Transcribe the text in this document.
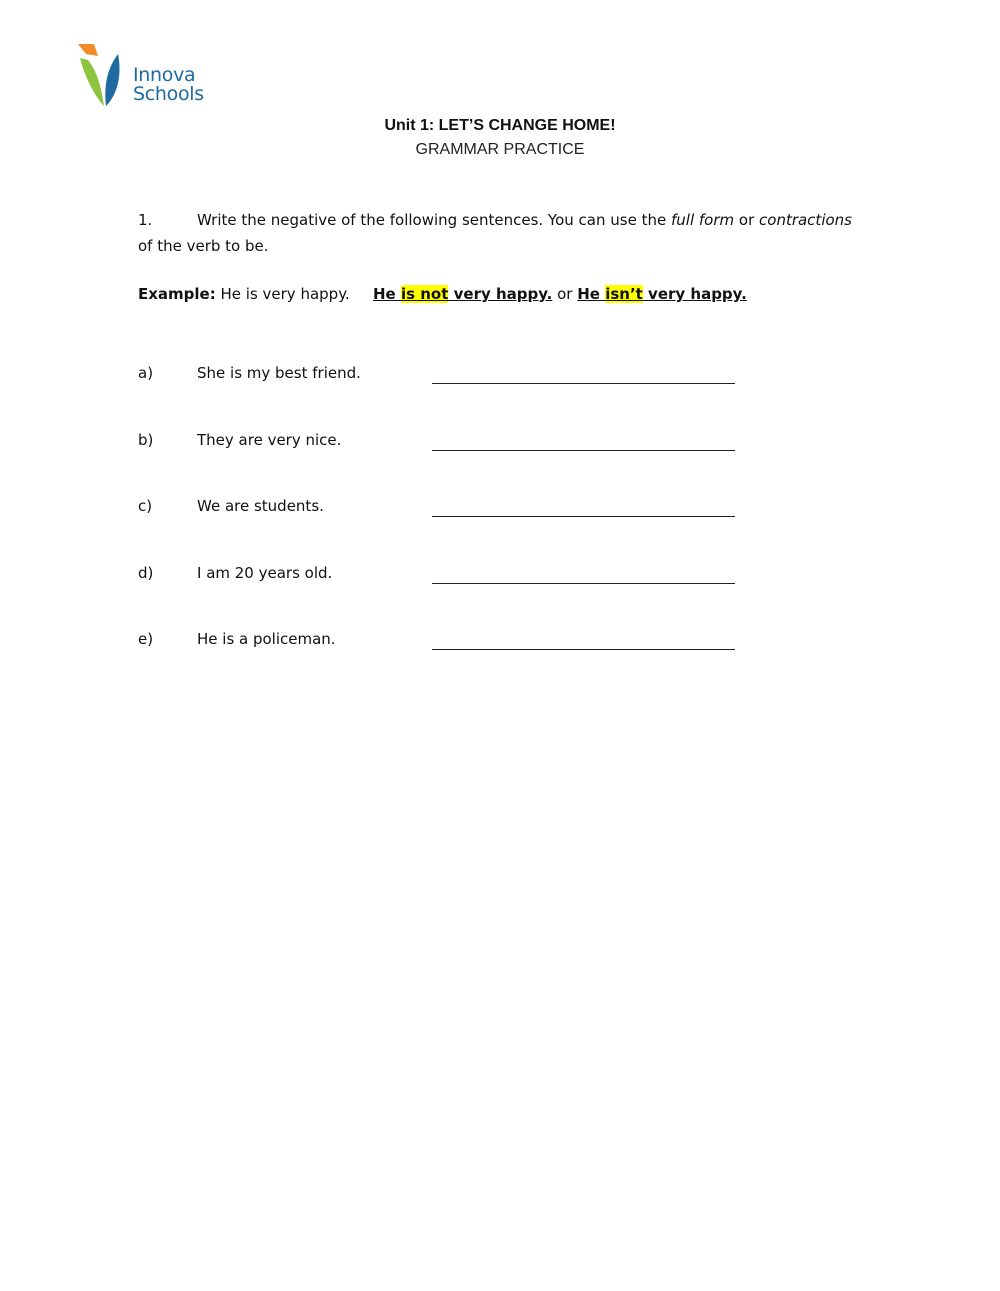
Innova
Schools
Unit 1: LET’S CHANGE HOME!
GRAMMAR PRACTICE
1.	Write the negative of the following sentences. You can use the full form or contractions of the verb to be.
Example: He is very happy. He is not very happy. or He isn’t very happy.
a)	She is my best friend.
b)	They are very nice.
c)	We are students.
d)	I am 20 years old.
e)	He is a policeman.
